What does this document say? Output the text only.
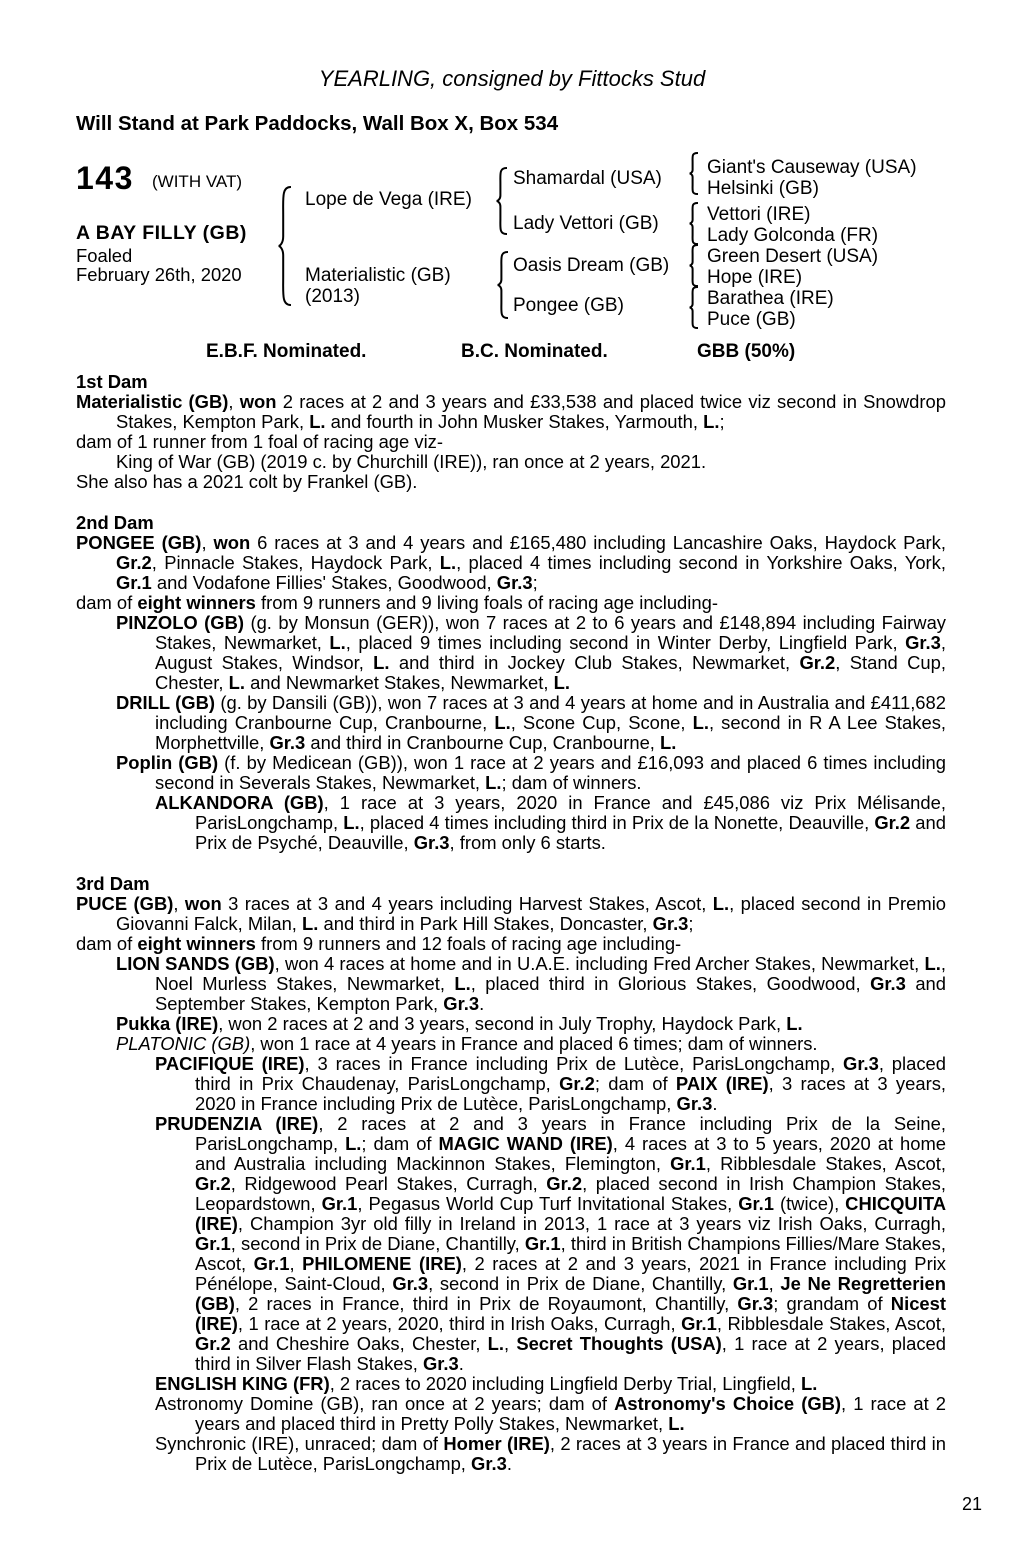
YEARLING, consigned by Fittocks Stud
Will Stand at Park Paddocks, Wall Box X, Box 534
143 (WITH VAT)
A BAY FILLY (GB)
Foaled
February 26th, 2020
Lope de Vega (IRE)
Materialistic (GB)
(2013)
Shamardal (USA)
Lady Vettori (GB)
Oasis Dream (GB)
Pongee (GB)
Giant's Causeway (USA)
Helsinki (GB)
Vettori (IRE)
Lady Golconda (FR)
Green Desert (USA)
Hope (IRE)
Barathea (IRE)
Puce (GB)
E.B.F. Nominated.	B.C. Nominated.	GBB (50%)
1st Dam
Materialistic (GB), won 2 races at 2 and 3 years and £33,538 and placed twice viz second in Snowdrop Stakes, Kempton Park, L. and fourth in John Musker Stakes, Yarmouth, L.;
dam of 1 runner from 1 foal of racing age viz-
King of War (GB) (2019 c. by Churchill (IRE)), ran once at 2 years, 2021.
She also has a 2021 colt by Frankel (GB).
2nd Dam
PONGEE (GB), won 6 races at 3 and 4 years and £165,480 including Lancashire Oaks, Haydock Park, Gr.2, Pinnacle Stakes, Haydock Park, L., placed 4 times including second in Yorkshire Oaks, York, Gr.1 and Vodafone Fillies' Stakes, Goodwood, Gr.3;
dam of eight winners from 9 runners and 9 living foals of racing age including-
PINZOLO (GB) (g. by Monsun (GER)), won 7 races at 2 to 6 years and £148,894 including Fairway Stakes, Newmarket, L., placed 9 times including second in Winter Derby, Lingfield Park, Gr.3, August Stakes, Windsor, L. and third in Jockey Club Stakes, Newmarket, Gr.2, Stand Cup, Chester, L. and Newmarket Stakes, Newmarket, L.
DRILL (GB) (g. by Dansili (GB)), won 7 races at 3 and 4 years at home and in Australia and £411,682 including Cranbourne Cup, Cranbourne, L., Scone Cup, Scone, L., second in R A Lee Stakes, Morphettville, Gr.3 and third in Cranbourne Cup, Cranbourne, L.
Poplin (GB) (f. by Medicean (GB)), won 1 race at 2 years and £16,093 and placed 6 times including second in Severals Stakes, Newmarket, L.; dam of winners.
ALKANDORA (GB), 1 race at 3 years, 2020 in France and £45,086 viz Prix Mélisande, ParisLongchamp, L., placed 4 times including third in Prix de la Nonette, Deauville, Gr.2 and Prix de Psyché, Deauville, Gr.3, from only 6 starts.
3rd Dam
PUCE (GB), won 3 races at 3 and 4 years including Harvest Stakes, Ascot, L., placed second in Premio Giovanni Falck, Milan, L. and third in Park Hill Stakes, Doncaster, Gr.3;
dam of eight winners from 9 runners and 12 foals of racing age including-
LION SANDS (GB), won 4 races at home and in U.A.E. including Fred Archer Stakes, Newmarket, L., Noel Murless Stakes, Newmarket, L., placed third in Glorious Stakes, Goodwood, Gr.3 and September Stakes, Kempton Park, Gr.3.
Pukka (IRE), won 2 races at 2 and 3 years, second in July Trophy, Haydock Park, L.
PLATONIC (GB), won 1 race at 4 years in France and placed 6 times; dam of winners.
PACIFIQUE (IRE), 3 races in France including Prix de Lutèce, ParisLongchamp, Gr.3, placed third in Prix Chaudenay, ParisLongchamp, Gr.2; dam of PAIX (IRE), 3 races at 3 years, 2020 in France including Prix de Lutèce, ParisLongchamp, Gr.3.
PRUDENZIA (IRE), 2 races at 2 and 3 years in France including Prix de la Seine, ParisLongchamp, L.; dam of MAGIC WAND (IRE), 4 races at 3 to 5 years, 2020 at home and Australia including Mackinnon Stakes, Flemington, Gr.1, Ribblesdale Stakes, Ascot, Gr.2, Ridgewood Pearl Stakes, Curragh, Gr.2, placed second in Irish Champion Stakes, Leopardstown, Gr.1, Pegasus World Cup Turf Invitational Stakes, Gr.1 (twice), CHICQUITA (IRE), Champion 3yr old filly in Ireland in 2013, 1 race at 3 years viz Irish Oaks, Curragh, Gr.1, second in Prix de Diane, Chantilly, Gr.1, third in British Champions Fillies/Mare Stakes, Ascot, Gr.1, PHILOMENE (IRE), 2 races at 2 and 3 years, 2021 in France including Prix Pénélope, Saint-Cloud, Gr.3, second in Prix de Diane, Chantilly, Gr.1, Je Ne Regretterien (GB), 2 races in France, third in Prix de Royaumont, Chantilly, Gr.3; grandam of Nicest (IRE), 1 race at 2 years, 2020, third in Irish Oaks, Curragh, Gr.1, Ribblesdale Stakes, Ascot, Gr.2 and Cheshire Oaks, Chester, L., Secret Thoughts (USA), 1 race at 2 years, placed third in Silver Flash Stakes, Gr.3.
ENGLISH KING (FR), 2 races to 2020 including Lingfield Derby Trial, Lingfield, L.
Astronomy Domine (GB), ran once at 2 years; dam of Astronomy's Choice (GB), 1 race at 2 years and placed third in Pretty Polly Stakes, Newmarket, L.
Synchronic (IRE), unraced; dam of Homer (IRE), 2 races at 3 years in France and placed third in Prix de Lutèce, ParisLongchamp, Gr.3.
21
